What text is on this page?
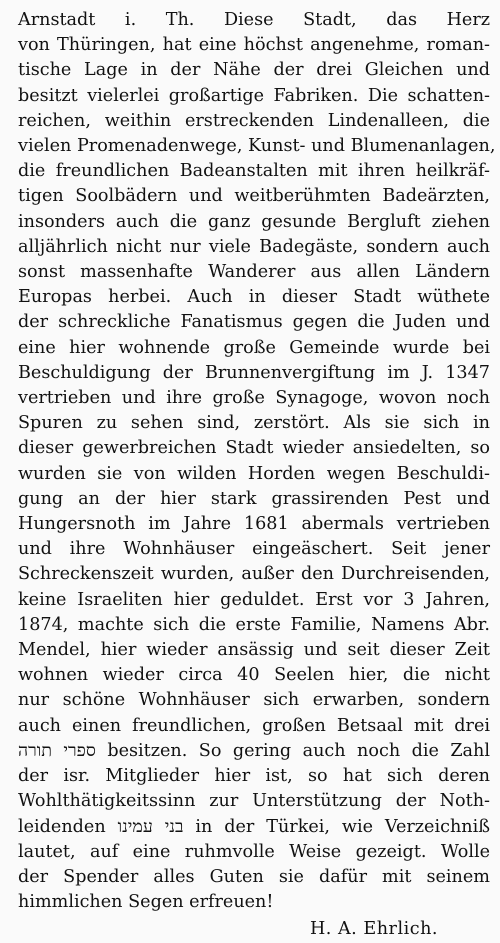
Arnstadt i. Th. Diese Stadt, das Herz
von Thüringen, hat eine höchst angenehme, roman-
tische Lage in der Nähe der drei Gleichen und
besitzt vielerlei großartige Fabriken. Die schatten-
reichen, weithin erstreckenden Lindenalleen, die
vielen Promenadenwege, Kunst- und Blumenanlagen,
die freundlichen Badeanstalten mit ihren heilkräf-
tigen Soolbädern und weitberühmten Badeärzten,
insonders auch die ganz gesunde Bergluft ziehen
alljährlich nicht nur viele Badegäste, sondern auch
sonst massenhafte Wanderer aus allen Ländern
Europas herbei. Auch in dieser Stadt wüthete
der schreckliche Fanatismus gegen die Juden und
eine hier wohnende große Gemeinde wurde bei
Beschuldigung der Brunnenvergiftung im J. 1347
vertrieben und ihre große Synagoge, wovon noch
Spuren zu sehen sind, zerstört. Als sie sich in
dieser gewerbreichen Stadt wieder ansiedelten, so
wurden sie von wilden Horden wegen Beschuldi-
gung an der hier stark grassirenden Pest und
Hungersnoth im Jahre 1681 abermals vertrieben
und ihre Wohnhäuser eingeäschert. Seit jener
Schreckenszeit wurden, außer den Durchreisenden,
keine Israeliten hier geduldet. Erst vor 3 Jahren,
1874, machte sich die erste Familie, Namens Abr.
Mendel, hier wieder ansässig und seit dieser Zeit
wohnen wieder circa 40 Seelen hier, die nicht
nur schöne Wohnhäuser sich erwarben, sondern
auch einen freundlichen, großen Betsaal mit drei
ספרי תורה besitzen. So gering auch noch die Zahl
der isr. Mitglieder hier ist, so hat sich deren
Wohlthätigkeitssinn zur Unterstützung der Noth-
leidenden בני עמינו in der Türkei, wie Verzeichniß
lautet, auf eine ruhmvolle Weise gezeigt. Wolle
der Spender alles Guten sie dafür mit seinem
himmlichen Segen erfreuen!
H. A. Ehrlich.
